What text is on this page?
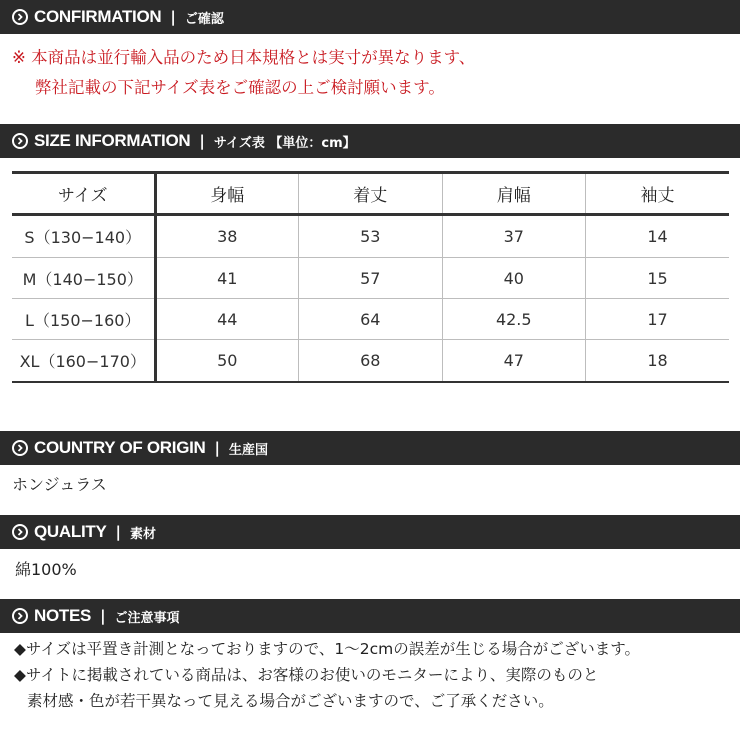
CONFIRMATION | ご確認
※ 本商品は並行輸入品のため日本規格とは実寸が異なります、
弊社記載の下記サイズ表をご確認の上ご検討願います。
SIZE INFORMATION | サイズ表 【単位：cm】
サイズ	身幅	着丈	肩幅	袖丈
S（130−140）	38	53	37	14
M（140−150）	41	57	40	15
L（150−160）	44	64	42.5	17
XL（160−170）	50	68	47	18
COUNTRY OF ORIGIN | 生産国
ホンジュラス
QUALITY | 素材
綿100%
NOTES | ご注意事項
◆サイズは平置き計測となっておりますので、1～2cmの誤差が生じる場合がございます。
◆サイトに掲載されている商品は、お客様のお使いのモニターにより、実際のものと
素材感・色が若干異なって見える場合がございますので、ご了承ください。
